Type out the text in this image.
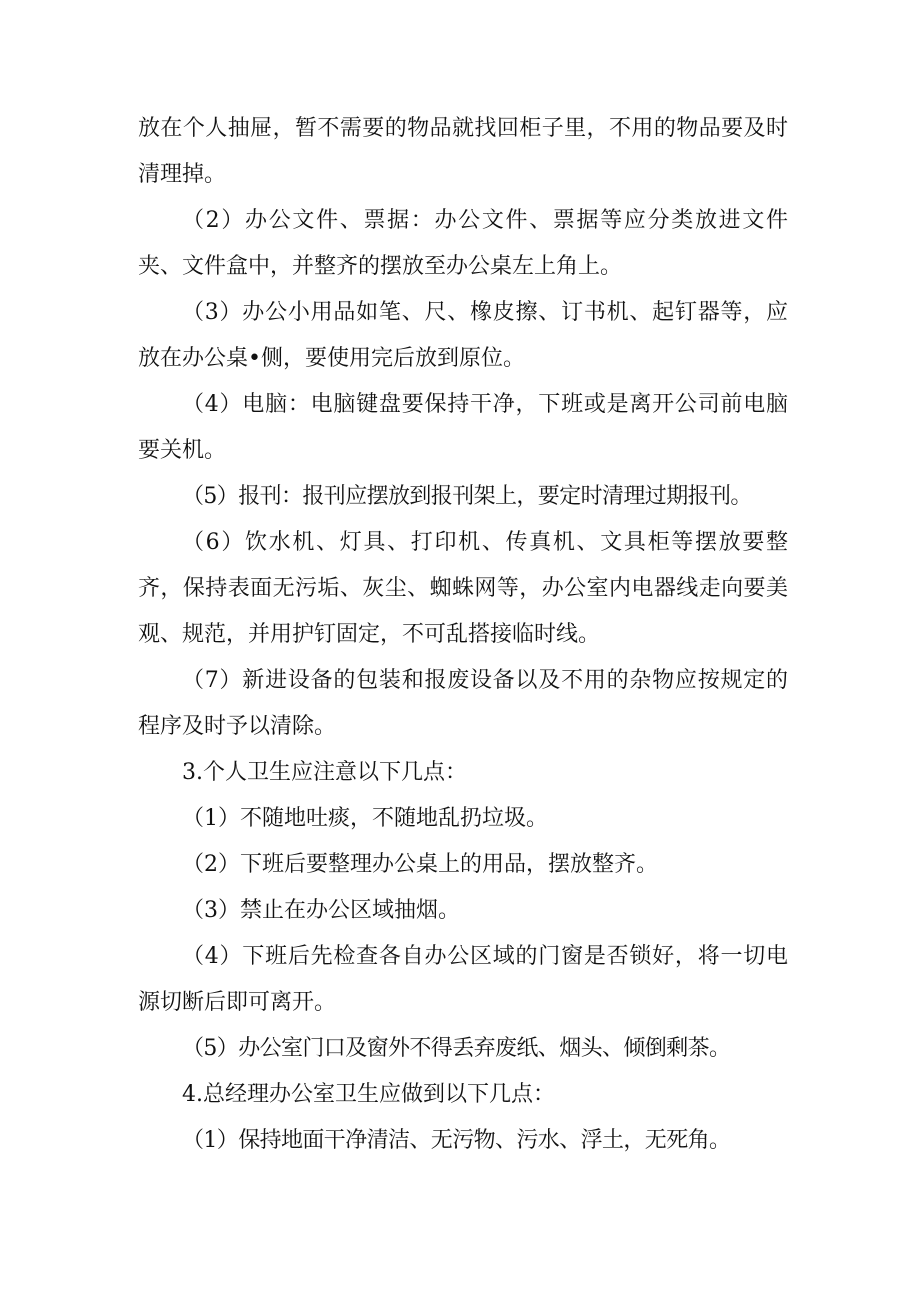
放在个人抽屉，暂不需要的物品就找回柜子里，不用的物品要及时清理掉。

（2）办公文件、票据：办公文件、票据等应分类放进文件夹、文件盒中，并整齐的摆放至办公桌左上角上。

（3）办公小用品如笔、尺、橡皮擦、订书机、起钉器等，应放在办公桌•侧，要使用完后放到原位。

（4）电脑：电脑键盘要保持干净，下班或是离开公司前电脑要关机。

（5）报刊：报刊应摆放到报刊架上，要定时清理过期报刊。

（6）饮水机、灯具、打印机、传真机、文具柜等摆放要整齐，保持表面无污垢、灰尘、蜘蛛网等，办公室内电器线走向要美观、规范，并用护钉固定，不可乱搭接临时线。

（7）新进设备的包装和报废设备以及不用的杂物应按规定的程序及时予以清除。

3.个人卫生应注意以下几点：

（1）不随地吐痰，不随地乱扔垃圾。

（2）下班后要整理办公桌上的用品，摆放整齐。

（3）禁止在办公区域抽烟。

（4）下班后先检查各自办公区域的门窗是否锁好，将一切电源切断后即可离开。

（5）办公室门口及窗外不得丢弃废纸、烟头、倾倒剩茶。

4.总经理办公室卫生应做到以下几点：

（1）保持地面干净清洁、无污物、污水、浮土，无死角。
